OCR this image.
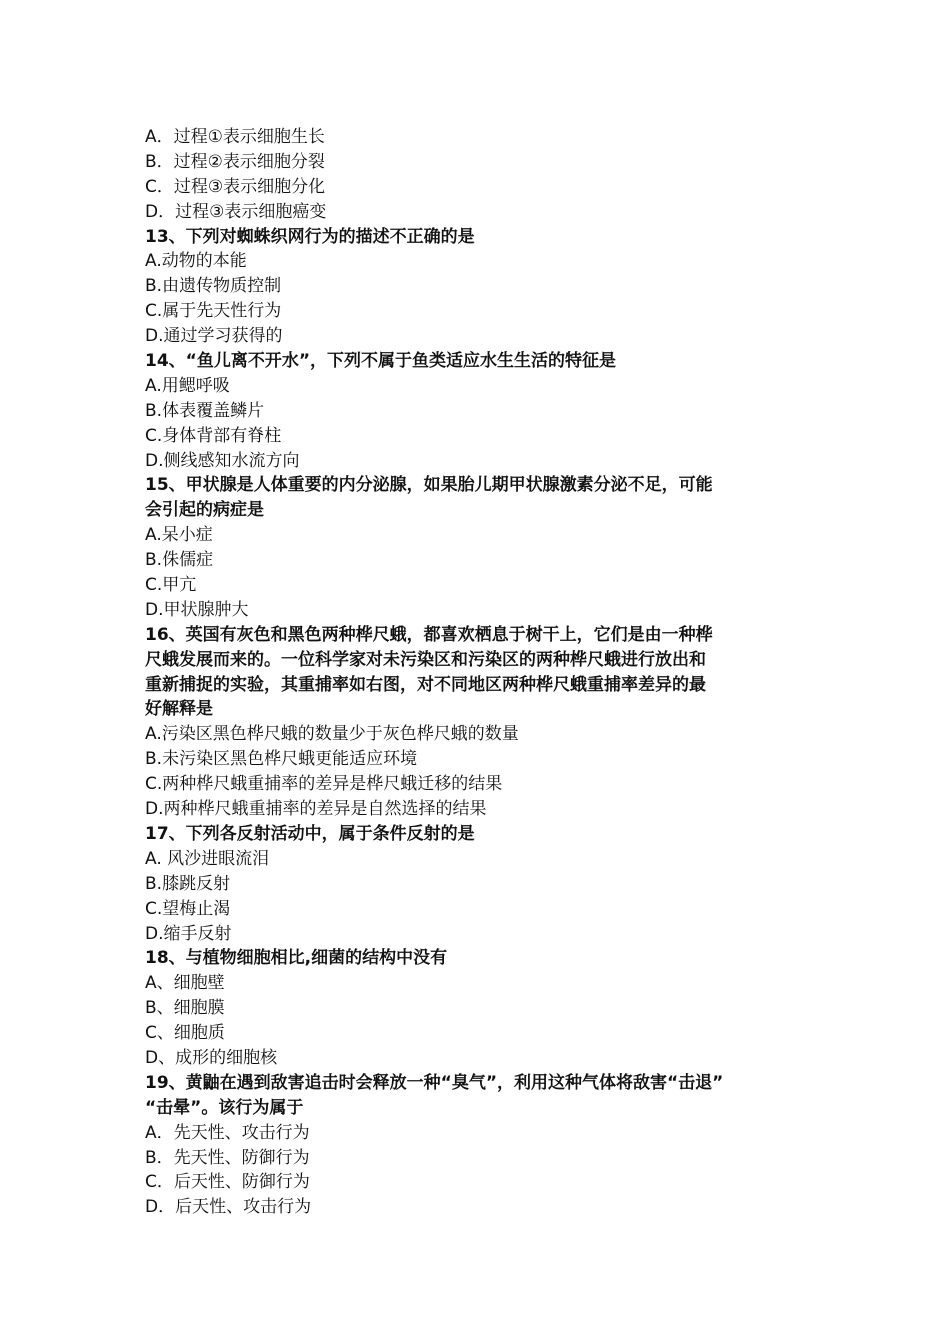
A．过程①表示细胞生长
B．过程②表示细胞分裂
C．过程③表示细胞分化
D．过程③表示细胞癌变
13、下列对蜘蛛织网行为的描述不正确的是
A.动物的本能
B.由遗传物质控制
C.属于先天性行为
D.通过学习获得的
14、“鱼儿离不开水”，下列不属于鱼类适应水生生活的特征是
A.用鳃呼吸
B.体表覆盖鳞片
C.身体背部有脊柱
D.侧线感知水流方向
15、甲状腺是人体重要的内分泌腺，如果胎儿期甲状腺激素分泌不足，可能
会引起的病症是
A.呆小症
B.侏儒症
C.甲亢
D.甲状腺肿大
16、英国有灰色和黑色两种桦尺蛾，都喜欢栖息于树干上，它们是由一种桦
尺蛾发展而来的。一位科学家对未污染区和污染区的两种桦尺蛾进行放出和
重新捕捉的实验，其重捕率如右图，对不同地区两种桦尺蛾重捕率差异的最
好解释是
A.污染区黑色桦尺蛾的数量少于灰色桦尺蛾的数量
B.未污染区黑色桦尺蛾更能适应环境
C.两种桦尺蛾重捕率的差异是桦尺蛾迁移的结果
D.两种桦尺蛾重捕率的差异是自然选择的结果
17、下列各反射活动中，属于条件反射的是
A. 风沙进眼流泪
B.膝跳反射
C.望梅止渴
D.缩手反射
18、与植物细胞相比,细菌的结构中没有
A、细胞壁
B、细胞膜
C、细胞质
D、成形的细胞核
19、黄鼬在遇到敌害追击时会释放一种“臭气”，利用这种气体将敌害“击退”
“击晕”。该行为属于
A．先天性、攻击行为
B．先天性、防御行为
C．后天性、防御行为
D．后天性、攻击行为
